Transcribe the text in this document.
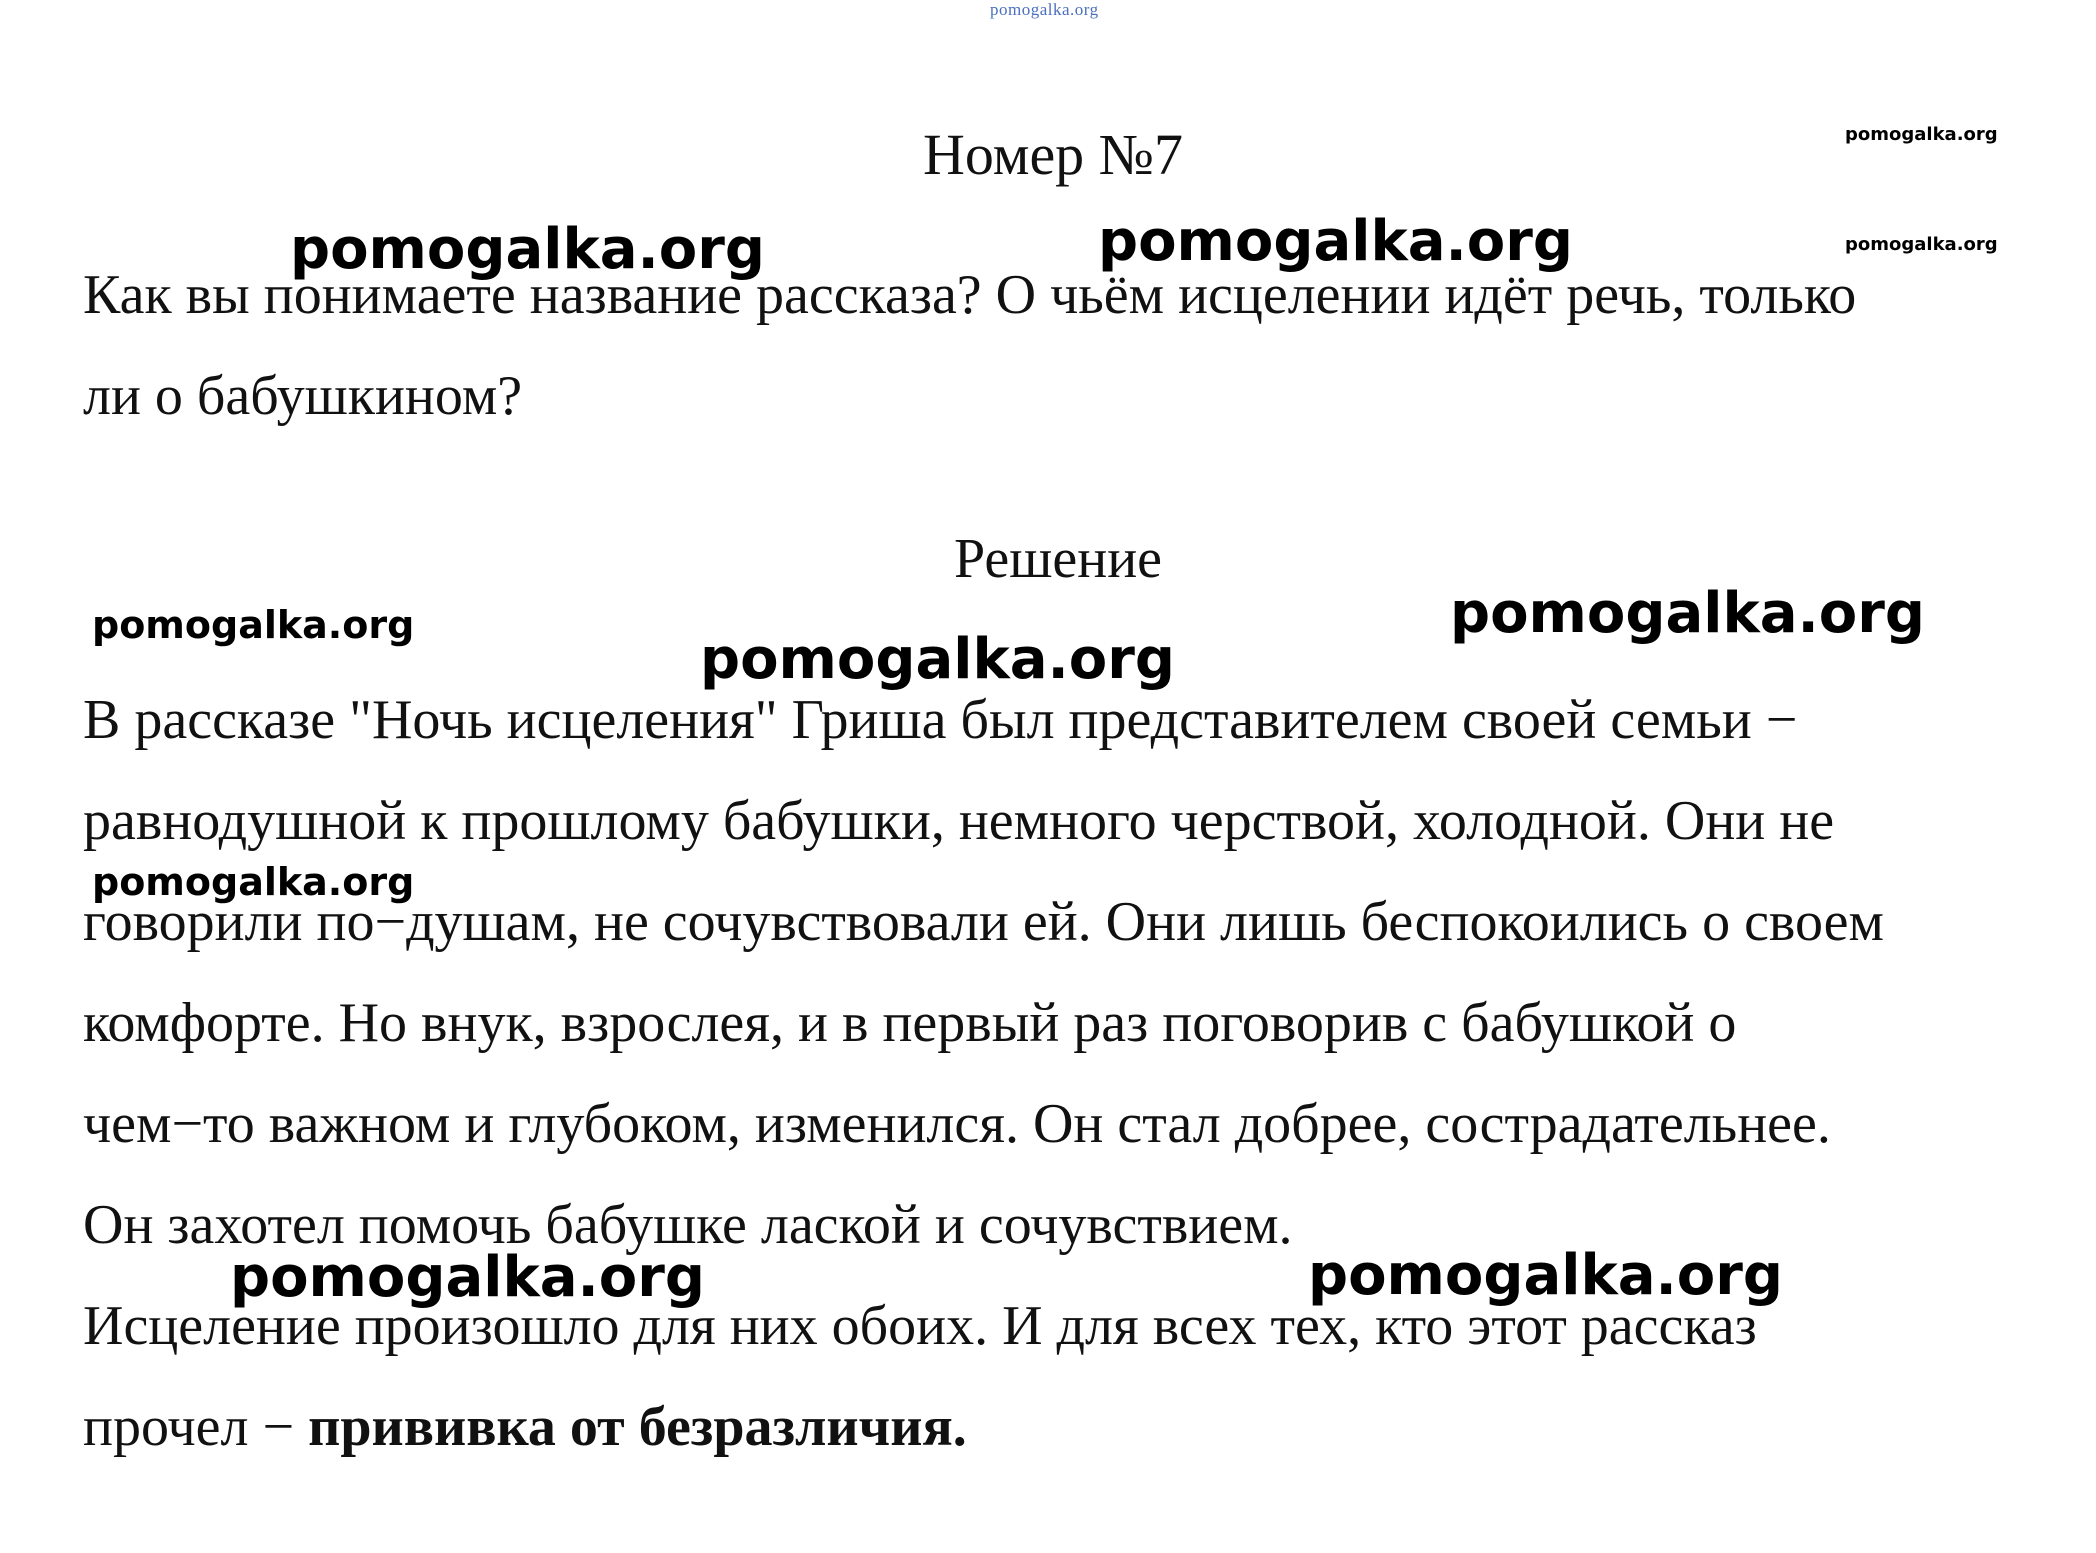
pomogalka.org
Номер №7
Как вы понимаете название рассказа? О чьём исцелении идёт речь, только
ли о бабушкином?
Решение
В рассказе "Ночь исцеления" Гриша был представителем своей семьи −
равнодушной к прошлому бабушки, немного черствой, холодной. Они не
говорили по−душам, не сочувствовали ей. Они лишь беспокоились о своем
комфорте. Но внук, взрослея, и в первый раз поговорив с бабушкой о
чем−то важном и глубоком, изменился. Он стал добрее, сострадательнее.
Он захотел помочь бабушке лаской и сочувствием.
Исцеление произошло для них обоих. И для всех тех, кто этот рассказ
прочел − прививка от безразличия.
pomogalka.org
pomogalka.org
pomogalka.org	pomogalka.org
pomogalka.org	pomogalka.org
pomogalka.org
pomogalka.org
pomogalka.org	pomogalka.org
